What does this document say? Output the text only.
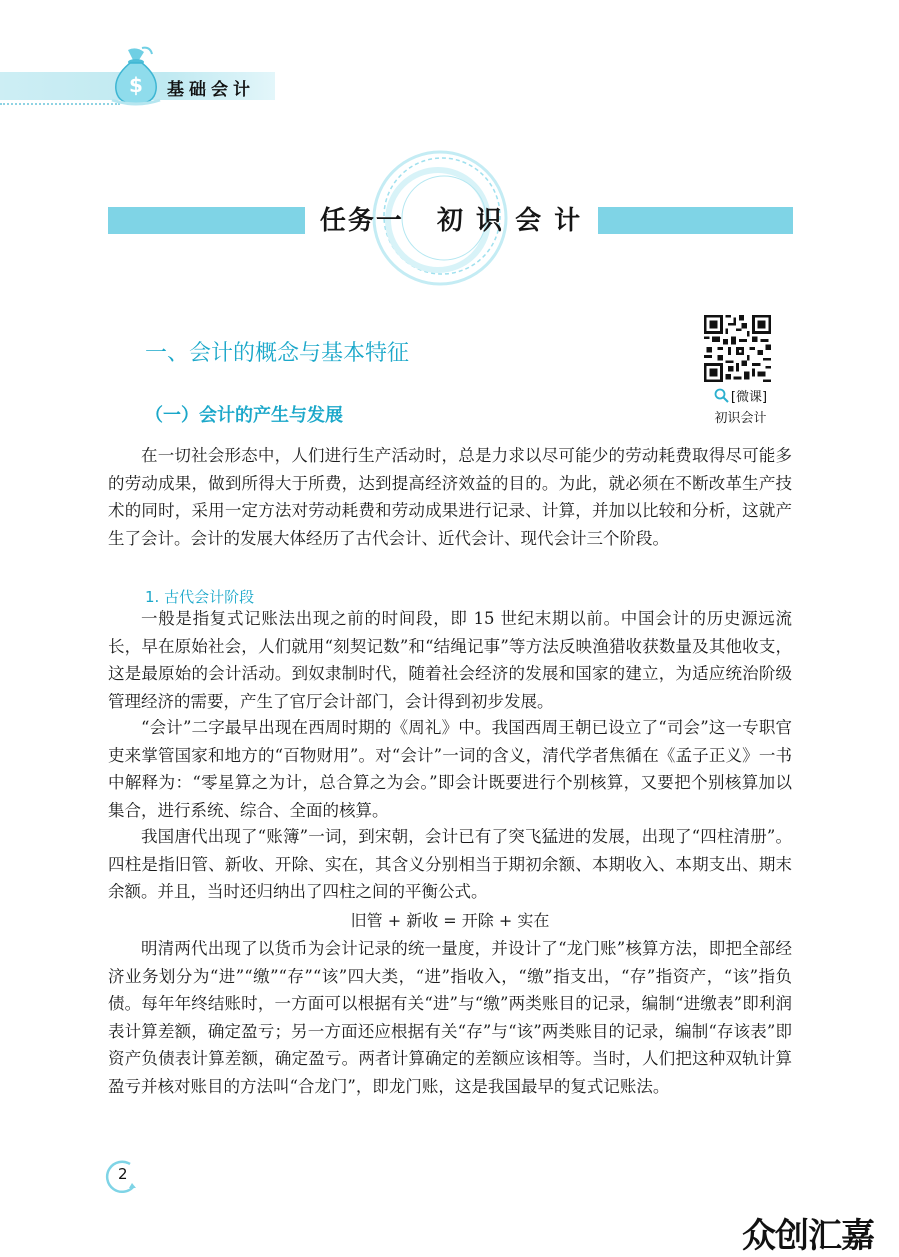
$ 基础会计
任务一   初 识 会 计
一、会计的概念与基本特征
（一）会计的产生与发展
[微课]
初识会计
在一切社会形态中，人们进行生产活动时，总是力求以尽可能少的劳动耗费取得尽可能多的劳动成果，做到所得大于所费，达到提高经济效益的目的。为此，就必须在不断改革生产技术的同时，采用一定方法对劳动耗费和劳动成果进行记录、计算，并加以比较和分析，这就产生了会计。会计的发展大体经历了古代会计、近代会计、现代会计三个阶段。
1. 古代会计阶段
一般是指复式记账法出现之前的时间段，即 15 世纪末期以前。中国会计的历史源远流长，早在原始社会，人们就用“刻契记数”和“结绳记事”等方法反映渔猎收获数量及其他收支，这是最原始的会计活动。到奴隶制时代，随着社会经济的发展和国家的建立，为适应统治阶级管理经济的需要，产生了官厅会计部门，会计得到初步发展。
“会计”二字最早出现在西周时期的《周礼》中。我国西周王朝已设立了“司会”这一专职官吏来掌管国家和地方的“百物财用”。对“会计”一词的含义，清代学者焦循在《孟子正义》一书中解释为：“零星算之为计，总合算之为会。”即会计既要进行个别核算，又要把个别核算加以集合，进行系统、综合、全面的核算。
我国唐代出现了“账簿”一词，到宋朝，会计已有了突飞猛进的发展，出现了“四柱清册”。四柱是指旧管、新收、开除、实在，其含义分别相当于期初余额、本期收入、本期支出、期末余额。并且，当时还归纳出了四柱之间的平衡公式。
旧管 + 新收 = 开除 + 实在
明清两代出现了以货币为会计记录的统一量度，并设计了“龙门账”核算方法，即把全部经济业务划分为“进”“缴”“存”“该”四大类，“进”指收入，“缴”指支出，“存”指资产，“该”指负债。每年年终结账时，一方面可以根据有关“进”与“缴”两类账目的记录，编制“进缴表”即利润表计算差额，确定盈亏；另一方面还应根据有关“存”与“该”两类账目的记录，编制“存该表”即资产负债表计算差额，确定盈亏。两者计算确定的差额应该相等。当时，人们把这种双轨计算盈亏并核对账目的方法叫“合龙门”，即龙门账，这是我国最早的复式记账法。
2
众创汇嘉
